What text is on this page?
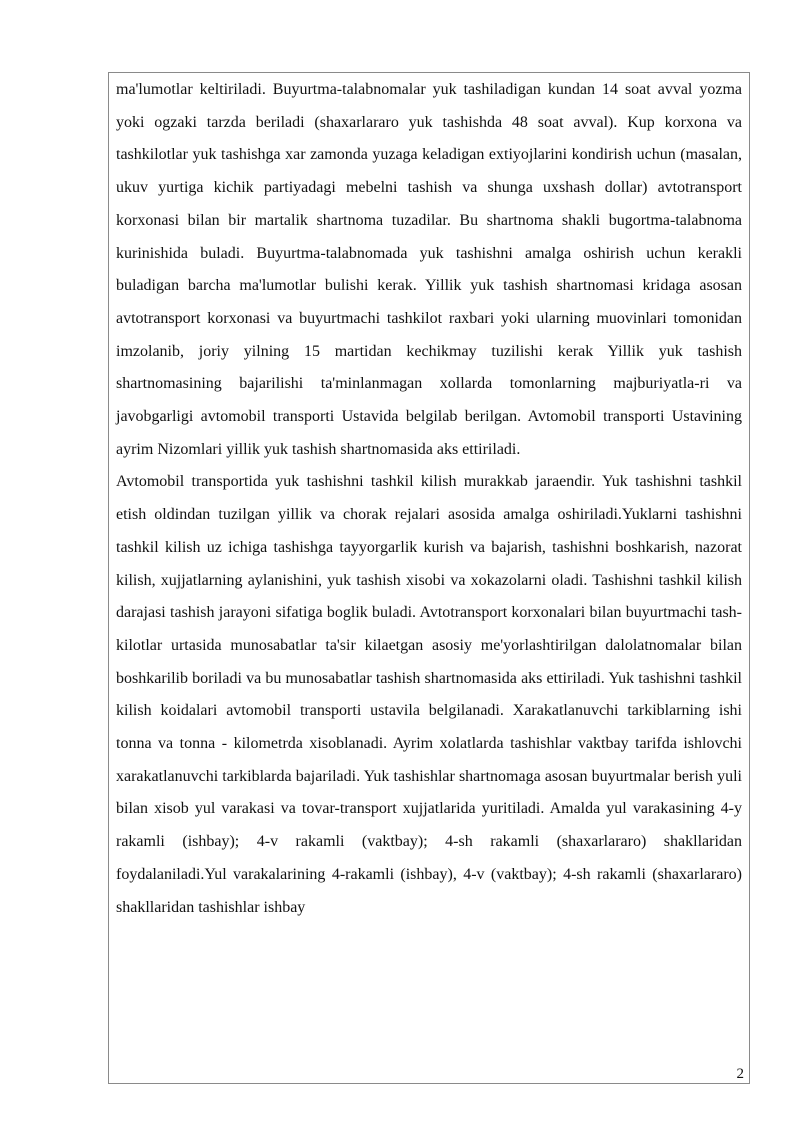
ma'lumotlar keltiriladi. Buyurtma-talabnomalar yuk tashiladigan kundan 14 soat avval yozma yoki ogzaki tarzda beriladi (shaxarlararo yuk tashishda 48 soat avval). Kup korxona va tashkilotlar yuk tashishga xar zamonda yuzaga keladigan extiyojlarini kondirish uchun (masalan, ukuv yurtiga kichik partiyadagi mebelni tashish va shunga uxshash dollar) avtotransport korxonasi bilan bir martalik shartnoma tuzadilar. Bu shartnoma shakli bugortma-talabnoma kurinishida buladi. Buyurtma-talabnomada yuk tashishni amalga oshirish uchun kerakli buladigan barcha ma'lumotlar bulishi kerak. Yillik yuk tashish shartnomasi kridaga asosan avtotransport korxonasi va buyurtmachi tashkilot raxbari yoki ularning muovinlari tomonidan imzolanib, joriy yilning 15 martidan kechikmay tuzilishi kerak Yillik yuk tashish shartnomasining bajarilishi ta'minlanmagan xollarda tomonlarning majburiyatla-ri va javobgarligi avtomobil transporti Ustavida belgilab berilgan. Avtomobil transporti Ustavining ayrim Nizomlari yillik yuk tashish shartnomasida aks ettiriladi.

Avtomobil transportida yuk tashishni tashkil kilish murakkab jaraendir. Yuk tashishni tashkil etish oldindan tuzilgan yillik va chorak rejalari asosida amalga oshiriladi.Yuklarni tashishni tashkil kilish uz ichiga tashishga tayyorgarlik kurish va bajarish, tashishni boshkarish, nazorat kilish, xujjatlarning aylanishini, yuk tashish xisobi va xokazolarni oladi. Tashishni tashkil kilish darajasi tashish jarayoni sifatiga boglik buladi. Avtotransport korxonalari bilan buyurtmachi tash-kilotlar urtasida munosabatlar ta'sir kilaetgan asosiy me'yorlashtirilgan dalolatnomalar bilan boshkarilib boriladi va bu munosabatlar tashish shartnomasida aks ettiriladi. Yuk tashishni tashkil kilish koidalari avtomobil transporti ustavila belgilanadi. Xarakatlanuvchi tarkiblarning ishi tonna va tonna - kilometrda xisoblanadi. Ayrim xolatlarda tashishlar vaktbay tarifda ishlovchi xarakatlanuvchi tarkiblarda bajariladi. Yuk tashishlar shartnomaga asosan buyurtmalar berish yuli bilan xisob yul varakasi va tovar-transport xujjatlarida yuritiladi. Amalda yul varakasining 4-y rakamli (ishbay); 4-v rakamli (vaktbay); 4-sh rakamli (shaxarlararo) shakllaridan foydalaniladi.Yul varakalarining 4-rakamli (ishbay), 4-v (vaktbay); 4-sh rakamli (shaxarlararo) shakllaridan tashishlar ishbay

2
